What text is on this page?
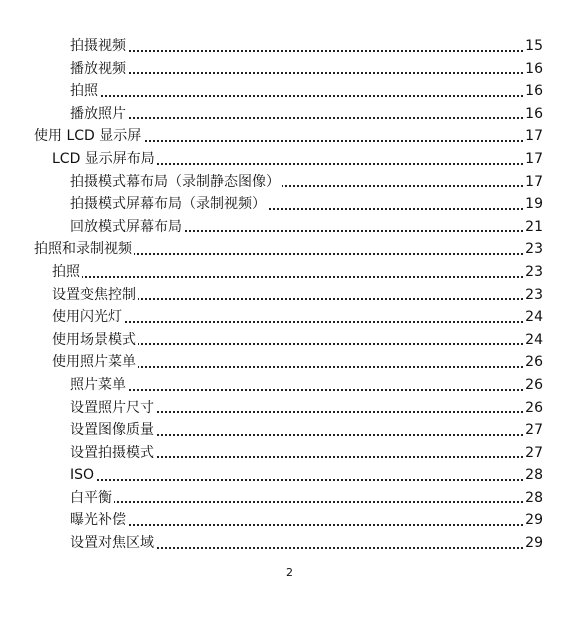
拍摄视频	15
播放视频	16
拍照	16
播放照片	16
使用 LCD 显示屏	17
LCD 显示屏布局	17
拍摄模式幕布局（录制静态图像）	17
拍摄模式屏幕布局（录制视频）	19
回放模式屏幕布局	21
拍照和录制视频	23
拍照	23
设置变焦控制	23
使用闪光灯	24
使用场景模式	24
使用照片菜单	26
照片菜单	26
设置照片尺寸	26
设置图像质量	27
设置拍摄模式	27
ISO	28
白平衡	28
曝光补偿	29
设置对焦区域	29
2
